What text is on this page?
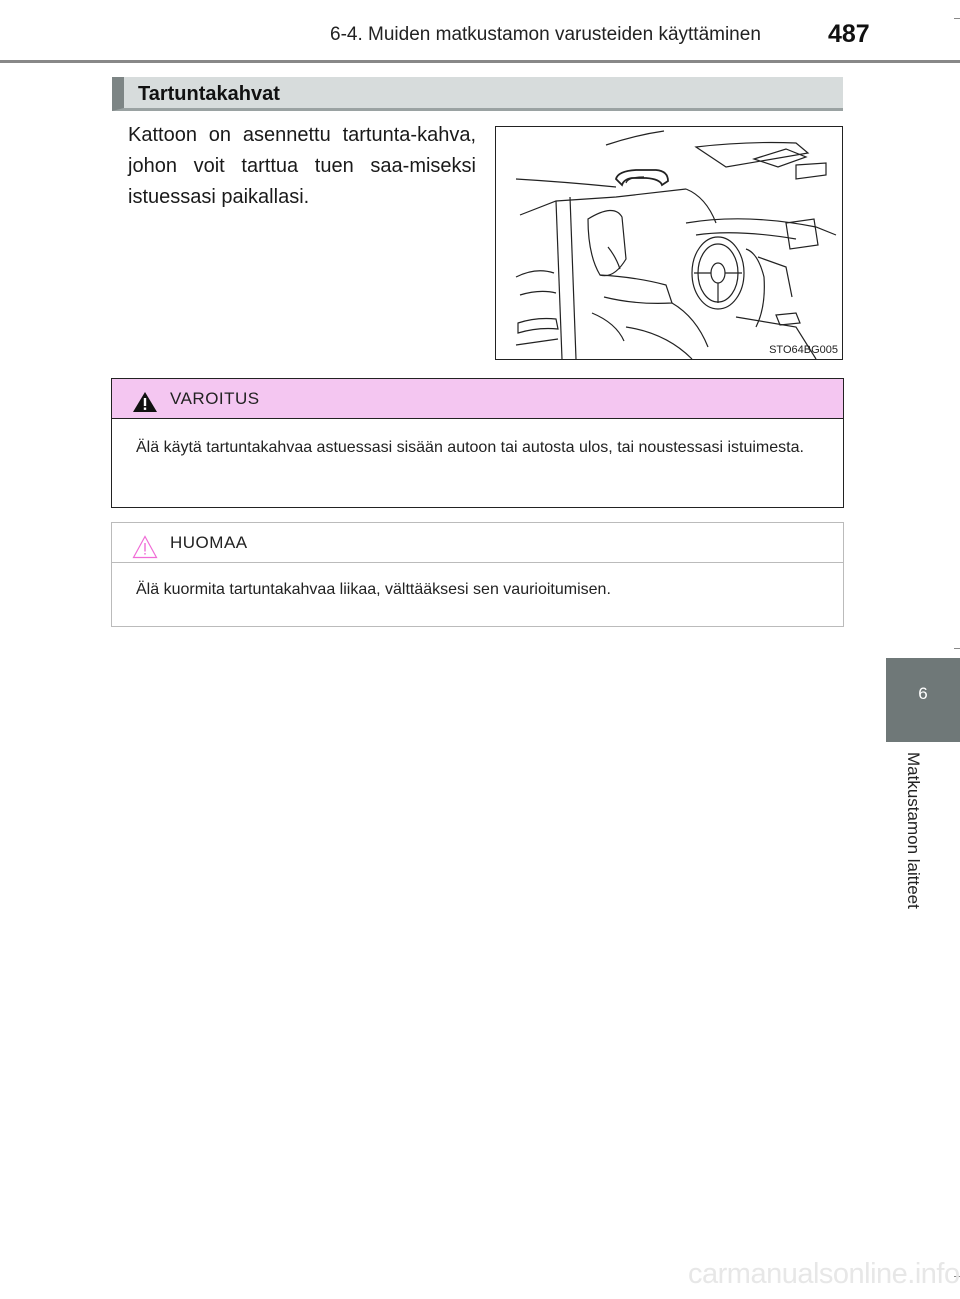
6-4. Muiden matkustamon varusteiden käyttäminen	487
6
Matkustamon laitteet
Tartuntakahvat
Kattoon on asennettu tartunta-kahva, johon voit tarttua tuen saa-miseksi istuessasi paikallasi.
STO64BG005
VAROITUS
Älä käytä tartuntakahvaa astuessasi sisään autoon tai autosta ulos, tai noustessasi istuimesta.
HUOMAA
Älä kuormita tartuntakahvaa liikaa, välttääksesi sen vaurioitumisen.
carmanualsonline.info
